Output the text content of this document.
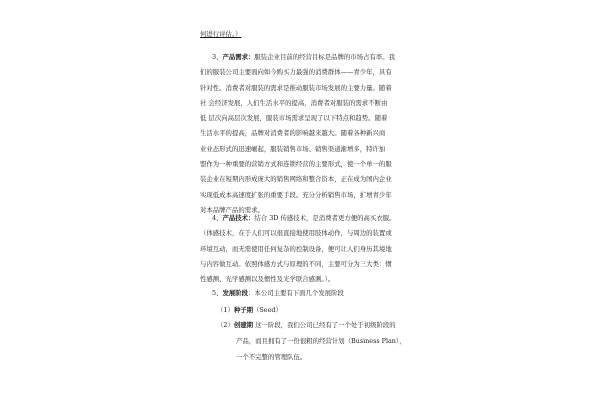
何进行评估。）
3、产品需求：服装企业目前的经营目标是品牌的市场占有率。我
们的服装公司主要面向如今购买力最强的消费群体——青少年，具有
针对性。消费者对服装的需求是推动服装市场发展的主要力量。随着
社 会经济发展，人们生活水平的提高，消费者对服装的需求不断由
低 层次向高层次发展，服装市场需求呈现了以下特点和趋势。随着
生活水平的提高，品牌对消费者的影响越来越大。随着各种新兴商
业业态形式的迅速崛起，服装销售市场、销售渠道渐增多，特许加
盟作为一种重要的营销方式和连锁经营的主要形式，使一个单一的服
装企业在短期内形成庞大的销售网络和整合资本，正在成为国内企业
实现低成本高速度扩张的重要手段。充分分析销售市场，扩增青少年
对本品牌产品的需求。
4、产品技术：结合 3D 传感技术，是消费者更方便的高买衣服。
（体感技术，在于人们可以很直接地使用肢体动作，与周边的装置或
环境互动，而无需使用任何复杂的控制设备，便可让人们身历其境地
与内容做互动。依照体感方式与原理的不同，主要可分为三大类：惯
性感测、光学感测以及惯性及光学联合感测。）。
5、发展阶段：本公司主要有下面几个发展阶段
（1）种子期（Seed）
（2）创建期 这一阶段，我们公司已经有了一个处于初级阶段的
产品，而且拥有了一份很粗的经营计划（Business Plan），
一个不完整的管理队伍。
